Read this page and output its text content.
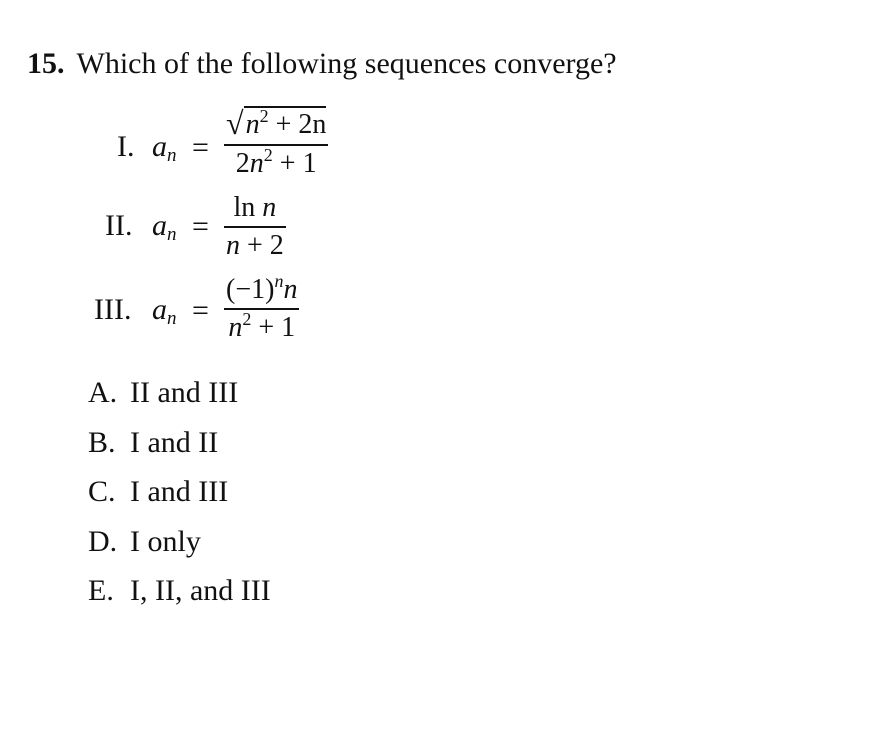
15. Which of the following sequences converge?
I. $a_n$ =
√ $n^2 + 2n$
$2n^2 + 1$
II. $a_n$ =
ln n
n + 2
III. $a_n$ =
$(-1)^nn$
$n^2 + 1$
A. II and III
B. I and II
C. I and III
D. I only
E. I, II, and III
